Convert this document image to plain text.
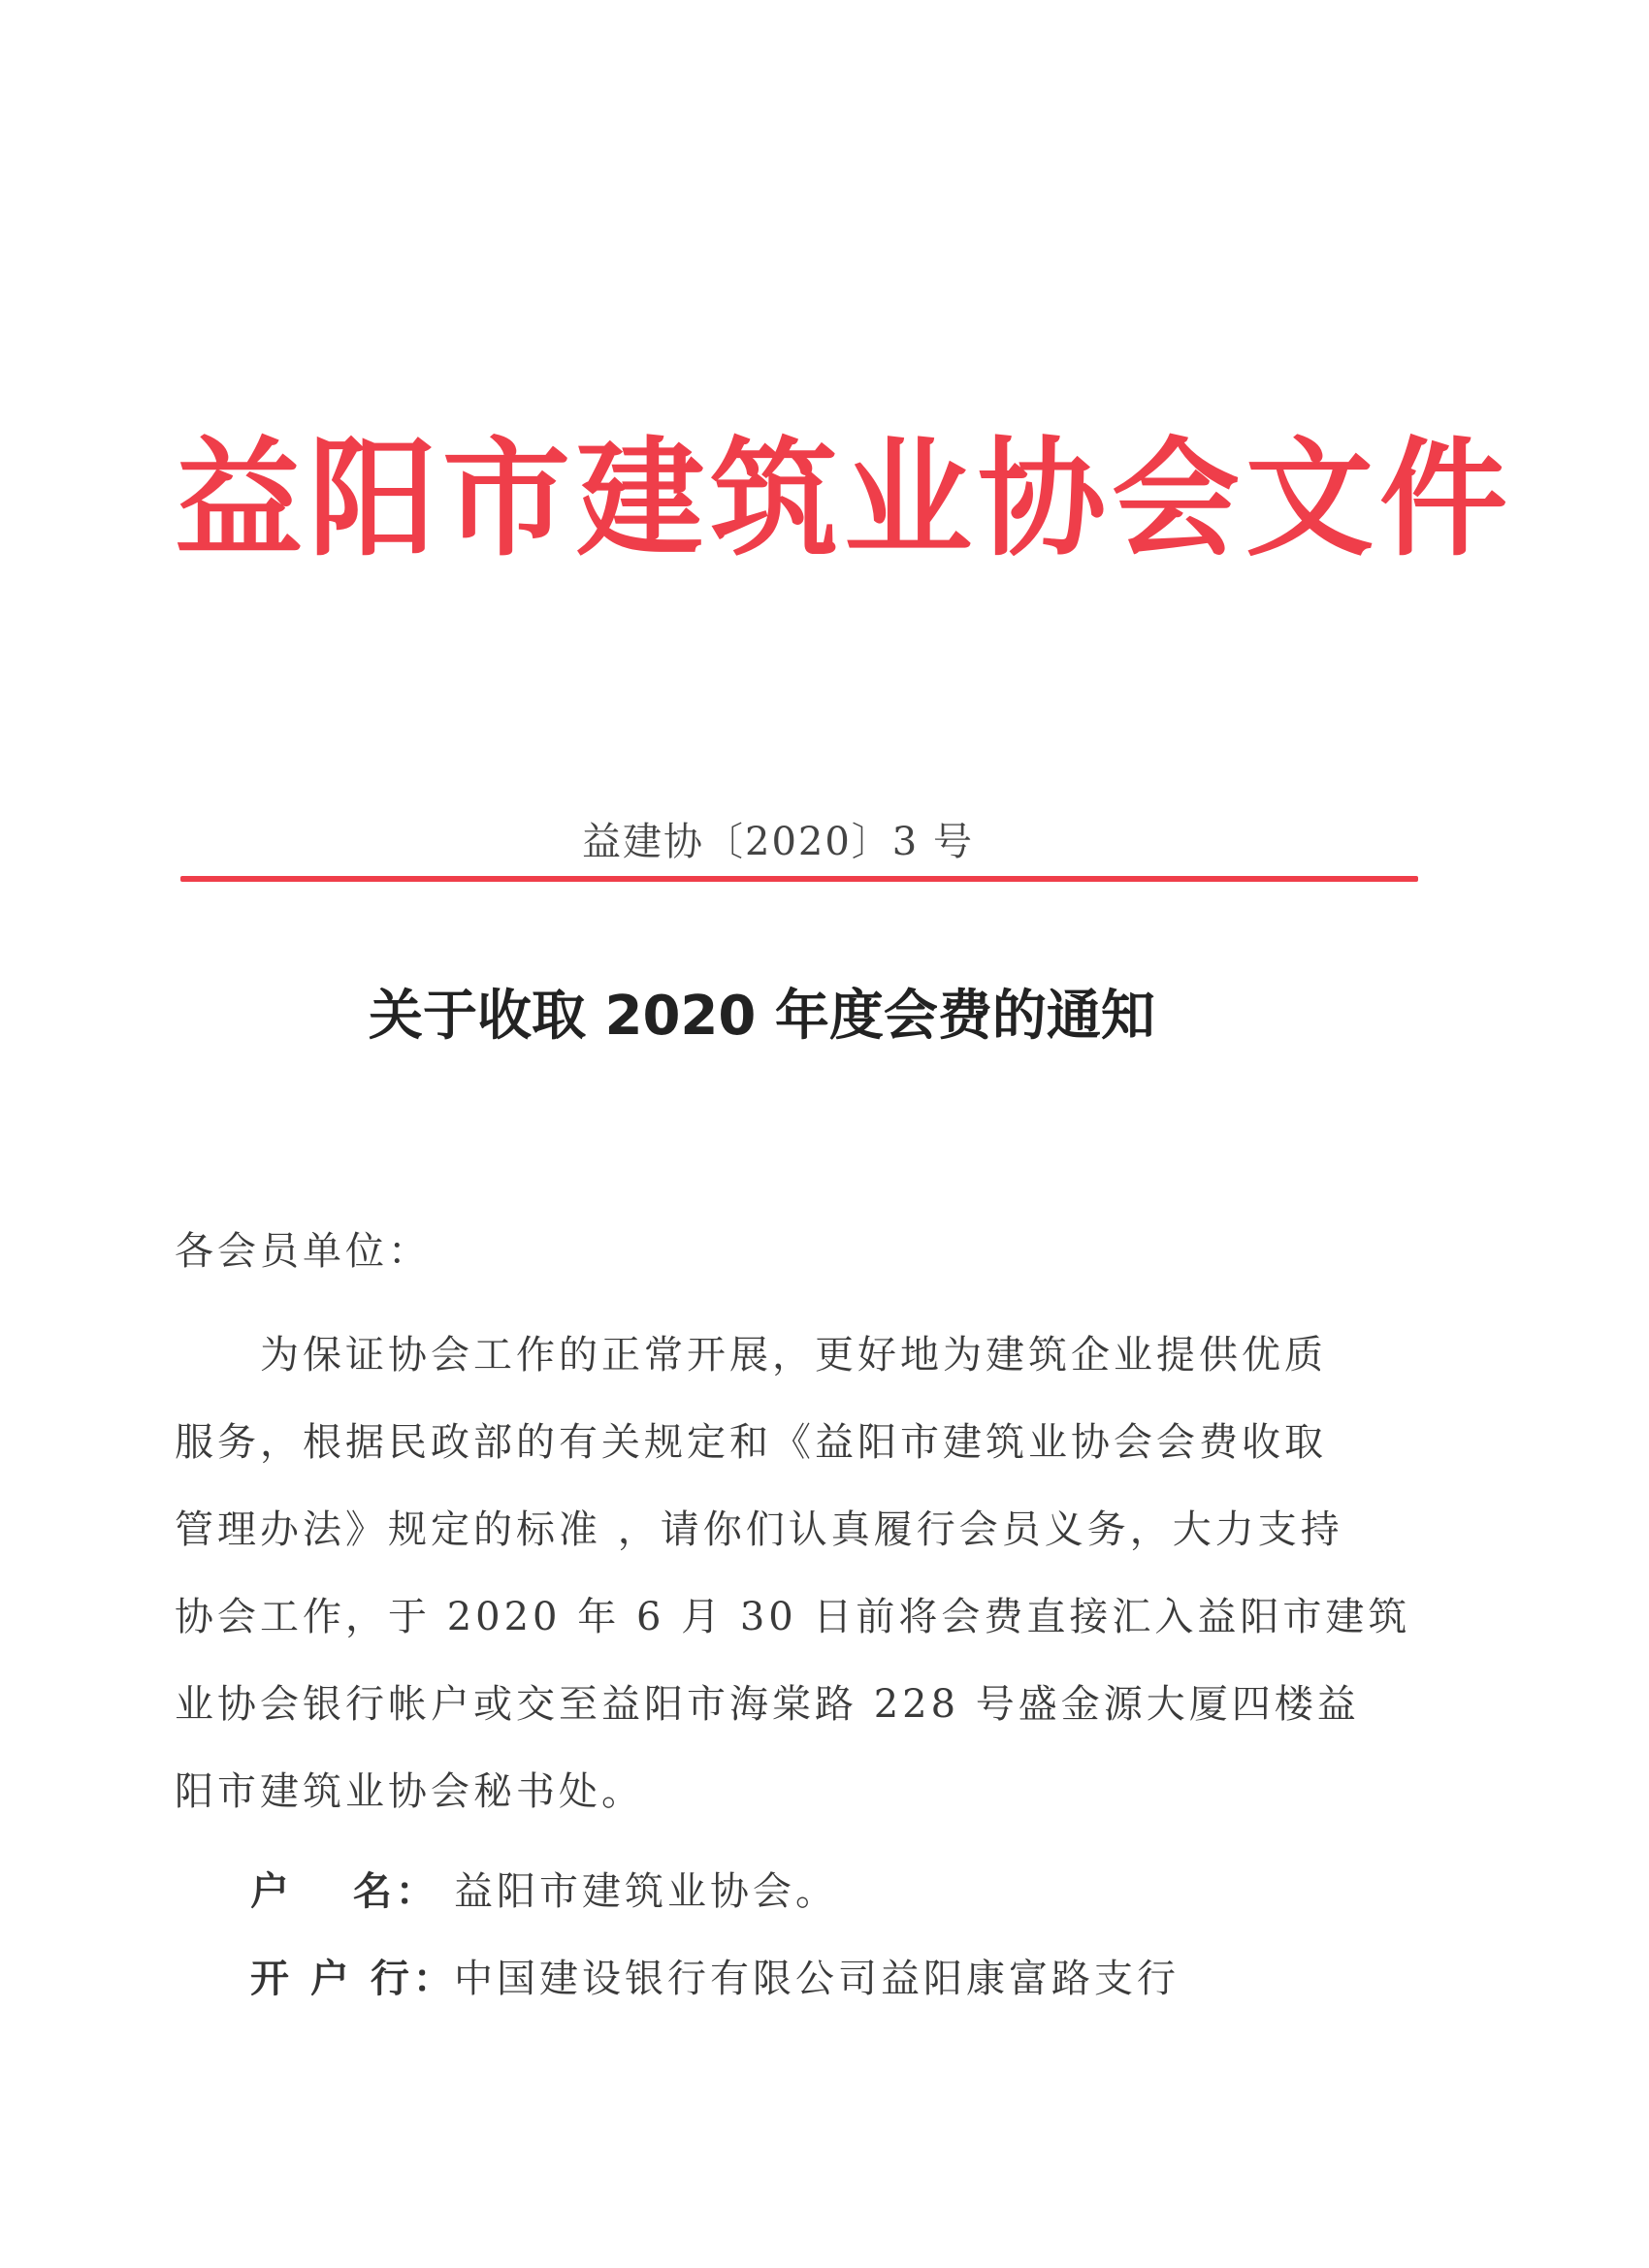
益阳市建筑业协会文件
益建协〔2020〕3 号
关于收取 2020 年度会费的通知
各会员单位：
　　为保证协会工作的正常开展，更好地为建筑企业提供优质
服务，根据民政部的有关规定和《益阳市建筑业协会会费收取
管理办法》规定的标准 ，请你们认真履行会员义务，大力支持
协会工作，于 2020 年 6 月 30 日前将会费直接汇入益阳市建筑
业协会银行帐户或交至益阳市海棠路 228 号盛金源大厦四楼益
阳市建筑业协会秘书处。
户　 名： 益阳市建筑业协会。
开 户 行：中国建设银行有限公司益阳康富路支行
